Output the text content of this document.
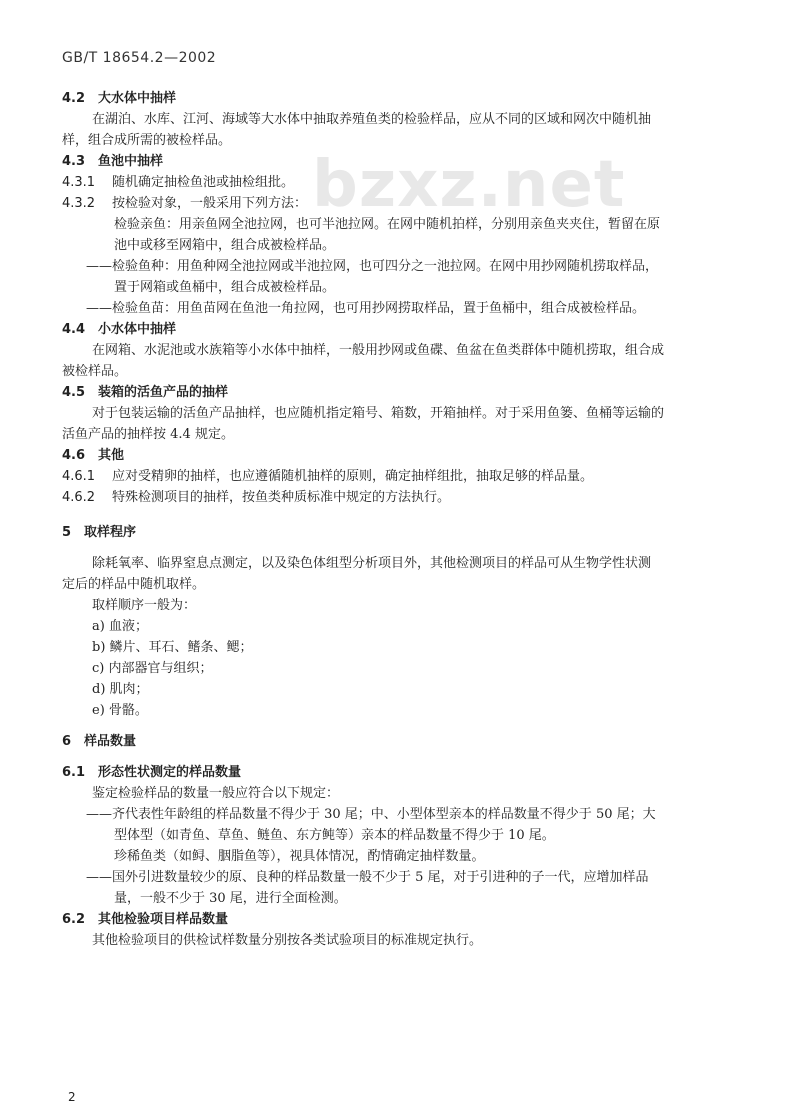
GB/T 18654.2—2002
bzxz.net
4.2 大水体中抽样
在湖泊、水库、江河、海域等大水体中抽取养殖鱼类的检验样品，应从不同的区域和网次中随机抽
样，组合成所需的被检样品。
4.3 鱼池中抽样
4.3.1 随机确定抽检鱼池或抽检组批。
4.3.2 按检验对象，一般采用下列方法：
检验亲鱼：用亲鱼网全池拉网，也可半池拉网。在网中随机拍样，分别用亲鱼夹夹住，暂留在原
池中或移至网箱中，组合成被检样品。
——检验鱼种：用鱼种网全池拉网或半池拉网，也可四分之一池拉网。在网中用抄网随机捞取样品，
置于网箱或鱼桶中，组合成被检样品。
——检验鱼苗：用鱼苗网在鱼池一角拉网，也可用抄网捞取样品，置于鱼桶中，组合成被检样品。
4.4 小水体中抽样
在网箱、水泥池或水族箱等小水体中抽样，一般用抄网或鱼碟、鱼盆在鱼类群体中随机捞取，组合成
被检样品。
4.5 装箱的活鱼产品的抽样
对于包装运输的活鱼产品抽样，也应随机指定箱号、箱数，开箱抽样。对于采用鱼篓、鱼桶等运输的
活鱼产品的抽样按 4.4 规定。
4.6 其他
4.6.1 应对受精卵的抽样，也应遵循随机抽样的原则，确定抽样组批，抽取足够的样品量。
4.6.2 特殊检测项目的抽样，按鱼类种质标准中规定的方法执行。
5 取样程序
除耗氧率、临界窒息点测定，以及染色体组型分析项目外，其他检测项目的样品可从生物学性状测
定后的样品中随机取样。
取样顺序一般为：
a) 血液；
b) 鳞片、耳石、鳍条、鳃；
c) 内部器官与组织；
d) 肌肉；
e) 骨骼。
6 样品数量
6.1 形态性状测定的样品数量
鉴定检验样品的数量一般应符合以下规定：
——齐代表性年龄组的样品数量不得少于 30 尾；中、小型体型亲本的样品数量不得少于 50 尾；大
型体型（如青鱼、草鱼、鲢鱼、东方鲀等）亲本的样品数量不得少于 10 尾。
珍稀鱼类（如鲟、胭脂鱼等），视具体情况，酌情确定抽样数量。
——国外引进数量较少的原、良种的样品数量一般不少于 5 尾，对于引进种的子一代，应增加样品
量，一般不少于 30 尾，进行全面检测。
6.2 其他检验项目样品数量
其他检验项目的供检试样数量分别按各类试验项目的标准规定执行。
2
